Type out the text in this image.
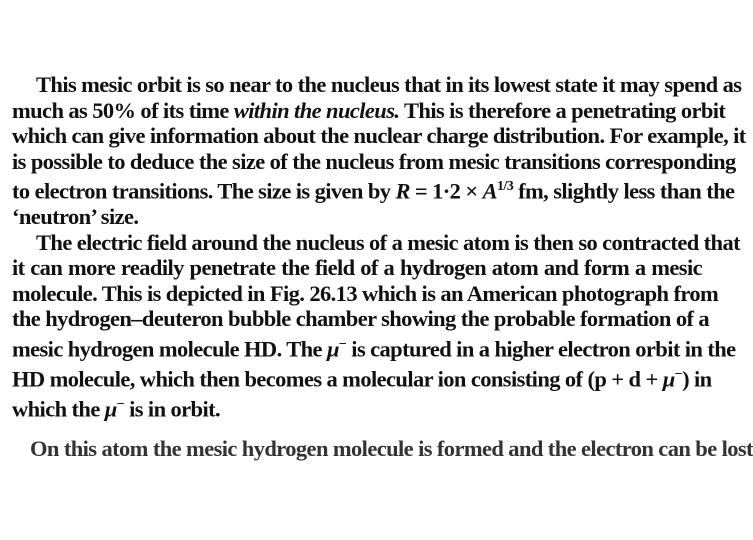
This mesic orbit is so near to the nucleus that in its lowest state it may spend as
much as 50% of its time within the nucleus. This is therefore a penetrating orbit
which can give information about the nuclear charge distribution. For example, it
is possible to deduce the size of the nucleus from mesic transitions corresponding
to electron transitions. The size is given by $R = 1\cdot 2 \times A^{1/3}$ fm, slightly less than the
‘neutron’ size.
The electric field around the nucleus of a mesic atom is then so contracted that
it can more readily penetrate the field of a hydrogen atom and form a mesic
molecule. This is depicted in Fig. 26.13 which is an American photograph from
the hydrogen–deuteron bubble chamber showing the probable formation of a
mesic hydrogen molecule HD. The μ− is captured in a higher electron orbit in the
HD molecule, which then becomes a molecular ion consisting of (p + d + μ−) in
which the μ− is in orbit.
On this atom the mesic hydrogen molecule is formed and the electron can be lost
